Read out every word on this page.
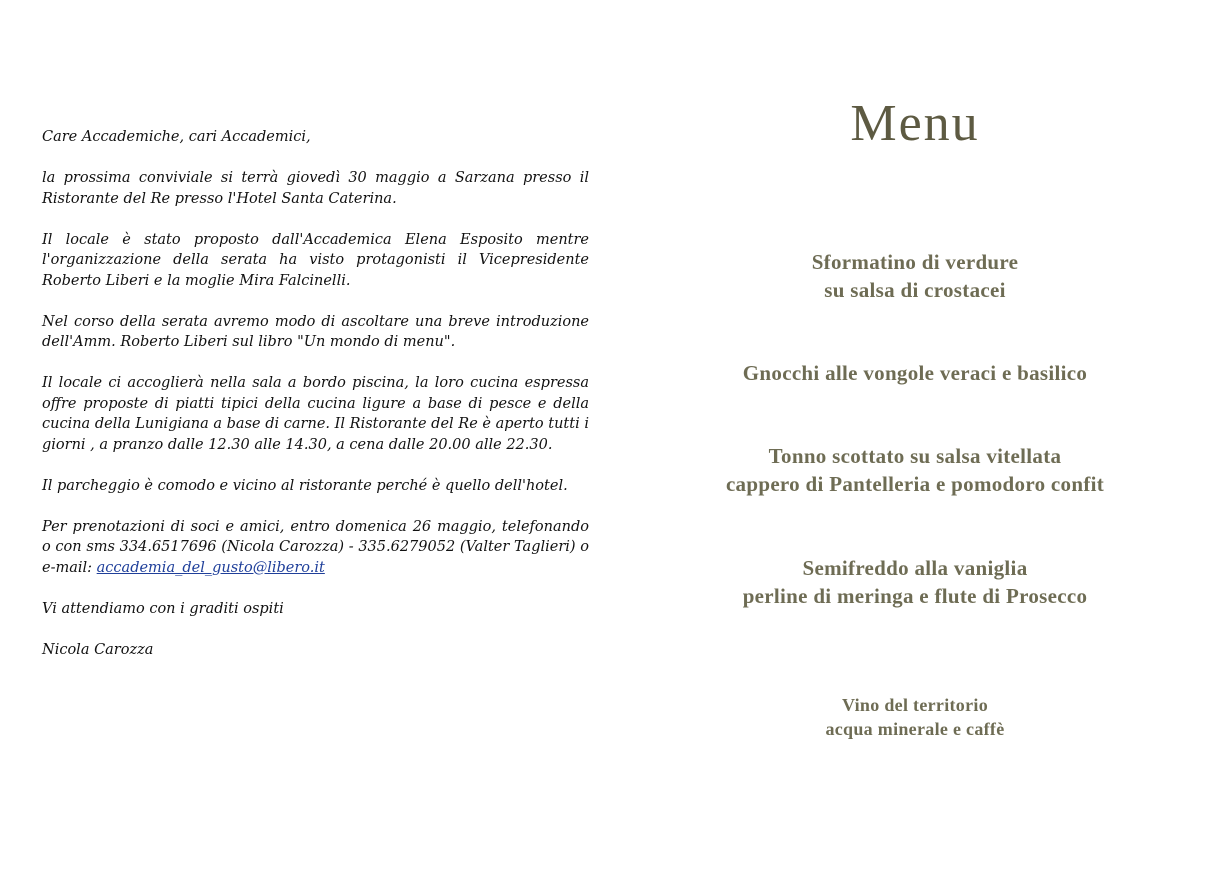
Care Accademiche, cari Accademici,

la prossima conviviale si terrà giovedì 30 maggio a Sarzana presso il Ristorante del Re presso l'Hotel Santa Caterina.

Il locale è stato proposto dall'Accademica Elena Esposito mentre l'organizzazione della serata ha visto protagonisti il Vicepresidente Roberto Liberi e la moglie Mira Falcinelli.

Nel corso della serata avremo modo di ascoltare una breve introduzione dell'Amm. Roberto Liberi sul libro "Un mondo di menu".

Il locale ci accoglierà nella sala a bordo piscina, la loro cucina espressa offre proposte di piatti tipici della cucina ligure a base di pesce e della cucina della Lunigiana a base di carne. Il Ristorante del Re è aperto tutti i giorni , a pranzo dalle 12.30 alle 14.30, a cena dalle 20.00 alle 22.30.

Il parcheggio è comodo e vicino al ristorante perché è quello dell'hotel.

Per prenotazioni di soci e amici, entro domenica 26 maggio, telefonando o con sms 334.6517696 (Nicola Carozza) - 335.6279052 (Valter Taglieri) o e-mail: accademia_del_gusto@libero.it

Vi attendiamo con i graditi ospiti

Nicola Carozza

Menu
Sformatino di verdure
su salsa di crostacei
Gnocchi alle vongole veraci e basilico
Tonno scottato su salsa vitellata
cappero di Pantelleria e pomodoro confit
Semifreddo alla vaniglia
perline di meringa e flute di Prosecco
Vino del territorio
acqua minerale e caffè
